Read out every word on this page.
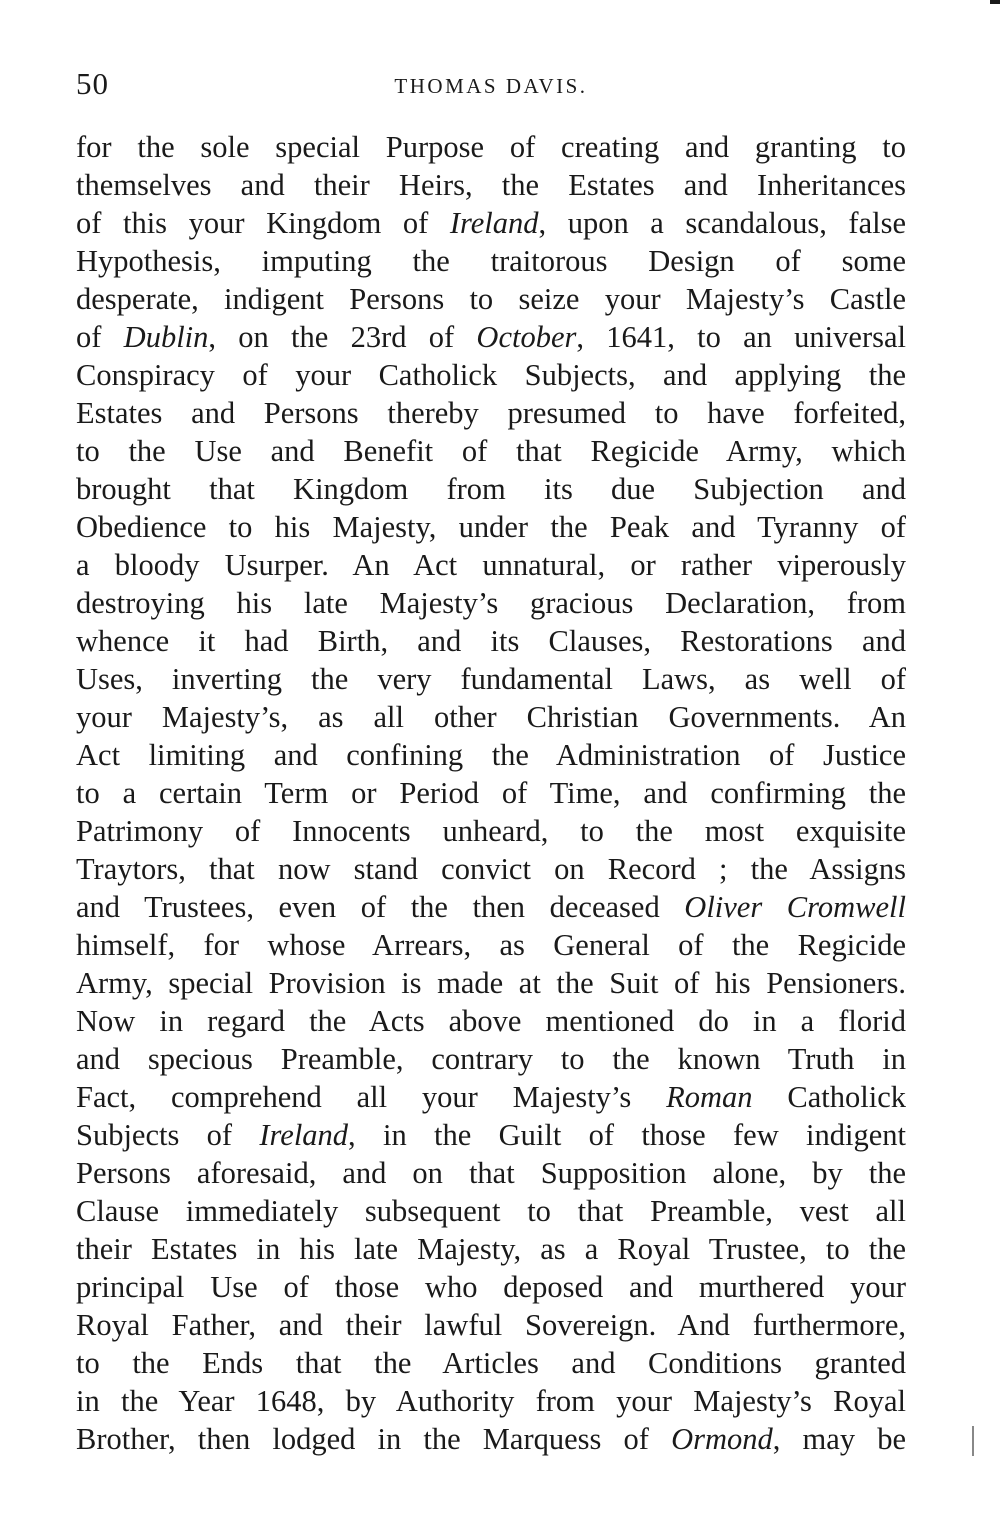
50	THOMAS DAVIS.
for the sole special Purpose of creating and granting to
themselves and their Heirs, the Estates and Inheritances
of this your Kingdom of Ireland, upon a scandalous, false
Hypothesis, imputing the traitorous Design of some
desperate, indigent Persons to seize your Majesty’s Castle
of Dublin, on the 23rd of October, 1641, to an universal
Conspiracy of your Catholick Subjects, and applying the
Estates and Persons thereby presumed to have forfeited,
to the Use and Benefit of that Regicide Army, which
brought that Kingdom from its due Subjection and
Obedience to his Majesty, under the Peak and Tyranny of
a bloody Usurper. An Act unnatural, or rather viperously
destroying his late Majesty’s gracious Declaration, from
whence it had Birth, and its Clauses, Restorations and
Uses, inverting the very fundamental Laws, as well of
your Majesty’s, as all other Christian Governments. An
Act limiting and confining the Administration of Justice
to a certain Term or Period of Time, and confirming the
Patrimony of Innocents unheard, to the most exquisite
Traytors, that now stand convict on Record ; the Assigns
and Trustees, even of the then deceased Oliver Cromwell
himself, for whose Arrears, as General of the Regicide
Army, special Provision is made at the Suit of his Pensioners.
Now in regard the Acts above mentioned do in a florid
and specious Preamble, contrary to the known Truth in
Fact, comprehend all your Majesty’s Roman Catholick
Subjects of Ireland, in the Guilt of those few indigent
Persons aforesaid, and on that Supposition alone, by the
Clause immediately subsequent to that Preamble, vest all
their Estates in his late Majesty, as a Royal Trustee, to the
principal Use of those who deposed and murthered your
Royal Father, and their lawful Sovereign. And furthermore,
to the Ends that the Articles and Conditions granted
in the Year 1648, by Authority from your Majesty’s Royal
Brother, then lodged in the Marquess of Ormond, may be
